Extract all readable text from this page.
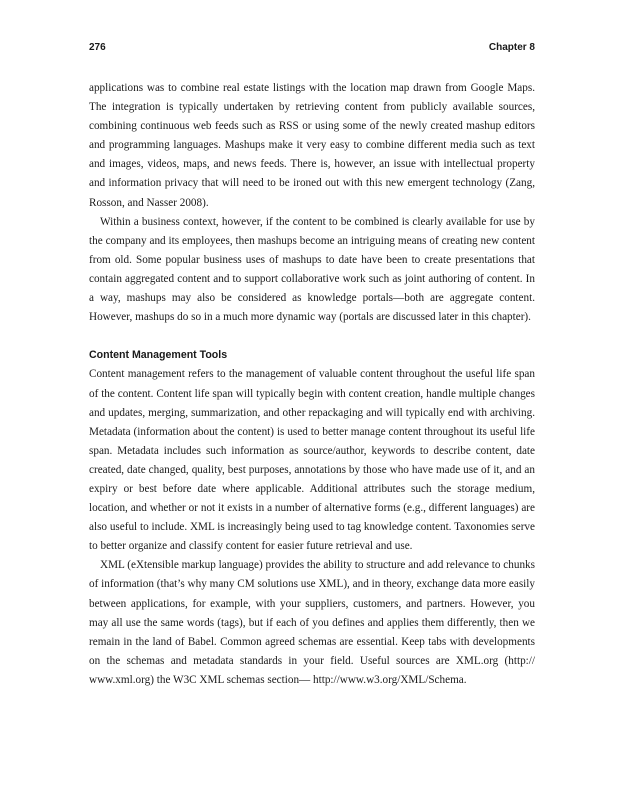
276	Chapter 8

applications was to combine real estate listings with the location map drawn from Google Maps. The integration is typically undertaken by retrieving content from publicly available sources, combining continuous web feeds such as RSS or using some of the newly created mashup editors and programming languages. Mashups make it very easy to combine different media such as text and images, videos, maps, and news feeds. There is, however, an issue with intellectual property and information privacy that will need to be ironed out with this new emergent technology (Zang, Rosson, and Nasser 2008).

Within a business context, however, if the content to be combined is clearly available for use by the company and its employees, then mashups become an intriguing means of creating new content from old. Some popular business uses of mashups to date have been to create presentations that contain aggregated content and to support collaborative work such as joint authoring of content. In a way, mashups may also be considered as knowledge portals—both are aggregate content. However, mashups do so in a much more dynamic way (portals are discussed later in this chapter).

Content Management Tools

Content management refers to the management of valuable content throughout the useful life span of the content. Content life span will typically begin with content creation, handle multiple changes and updates, merging, summarization, and other repackaging and will typically end with archiving. Metadata (information about the content) is used to better manage content throughout its useful life span. Metadata includes such information as source/author, keywords to describe content, date created, date changed, quality, best purposes, annotations by those who have made use of it, and an expiry or best before date where applicable. Additional attributes such the storage medium, location, and whether or not it exists in a number of alternative forms (e.g., different languages) are also useful to include. XML is increasingly being used to tag knowledge content. Taxonomies serve to better organize and classify content for easier future retrieval and use.

XML (eXtensible markup language) provides the ability to structure and add relevance to chunks of information (that’s why many CM solutions use XML), and in theory, exchange data more easily between applications, for example, with your suppliers, customers, and partners. However, you may all use the same words (tags), but if each of you defines and applies them differently, then we remain in the land of Babel. Common agreed schemas are essential. Keep tabs with developments on the schemas and metadata standards in your field. Useful sources are XML.org (http:// www.xml.org) the W3C XML schemas section— http://www.w3.org/XML/Schema.
